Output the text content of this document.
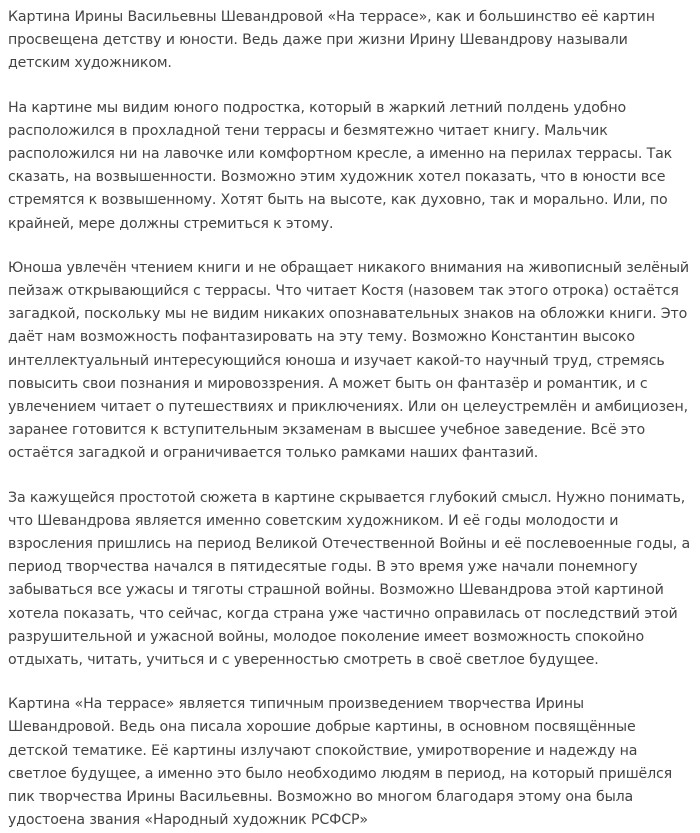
Картина Ирины Васильевны Шевандровой «На террасе», как и большинство её картин просвещена детству и юности. Ведь даже при жизни Ирину Шевандрову называли детским художником.

На картине мы видим юного подростка, который в жаркий летний полдень удобно расположился в прохладной тени террасы и безмятежно читает книгу. Мальчик расположился ни на лавочке или комфортном кресле, а именно на перилах террасы. Так сказать, на возвышенности. Возможно этим художник хотел показать, что в юности все стремятся к возвышенному. Хотят быть на высоте, как духовно, так и морально. Или, по крайней, мере должны стремиться к этому.

Юноша увлечён чтением книги и не обращает никакого внимания на живописный зелёный пейзаж открывающийся с террасы. Что читает Костя (назовем так этого отрока) остаётся загадкой, поскольку мы не видим никаких опознавательных знаков на обложки книги. Это даёт нам возможность пофантазировать на эту тему. Возможно Константин высоко интеллектуальный интересующийся юноша и изучает какой-то научный труд, стремясь повысить свои познания и мировоззрения. А может быть он фантазёр и романтик, и с увлечением читает о путешествиях и приключениях. Или он целеустремлён и амбициозен, заранее готовится к вступительным экзаменам в высшее учебное заведение. Всё это остаётся загадкой и ограничивается только рамками наших фантазий.

За кажущейся простотой сюжета в картине скрывается глубокий смысл. Нужно понимать, что Шевандрова является именно советским художником. И её годы молодости и взросления пришлись на период Великой Отечественной Войны и её послевоенные годы, а период творчества начался в пятидесятые годы. В это время уже начали понемногу забываться все ужасы и тяготы страшной войны. Возможно Шевандрова этой картиной хотела показать, что сейчас, когда страна уже частично оправилась от последствий этой разрушительной и ужасной войны, молодое поколение имеет возможность спокойно отдыхать, читать, учиться и с уверенностью смотреть в своё светлое будущее.

Картина «На террасе» является типичным произведением творчества Ирины Шевандровой. Ведь она писала хорошие добрые картины, в основном посвящённые детской тематике. Её картины излучают спокойствие, умиротворение и надежду на светлое будущее, а именно это было необходимо людям в период, на который пришёлся пик творчества Ирины Васильевны. Возможно во многом благодаря этому она была удостоена звания «Народный художник РСФСР»
